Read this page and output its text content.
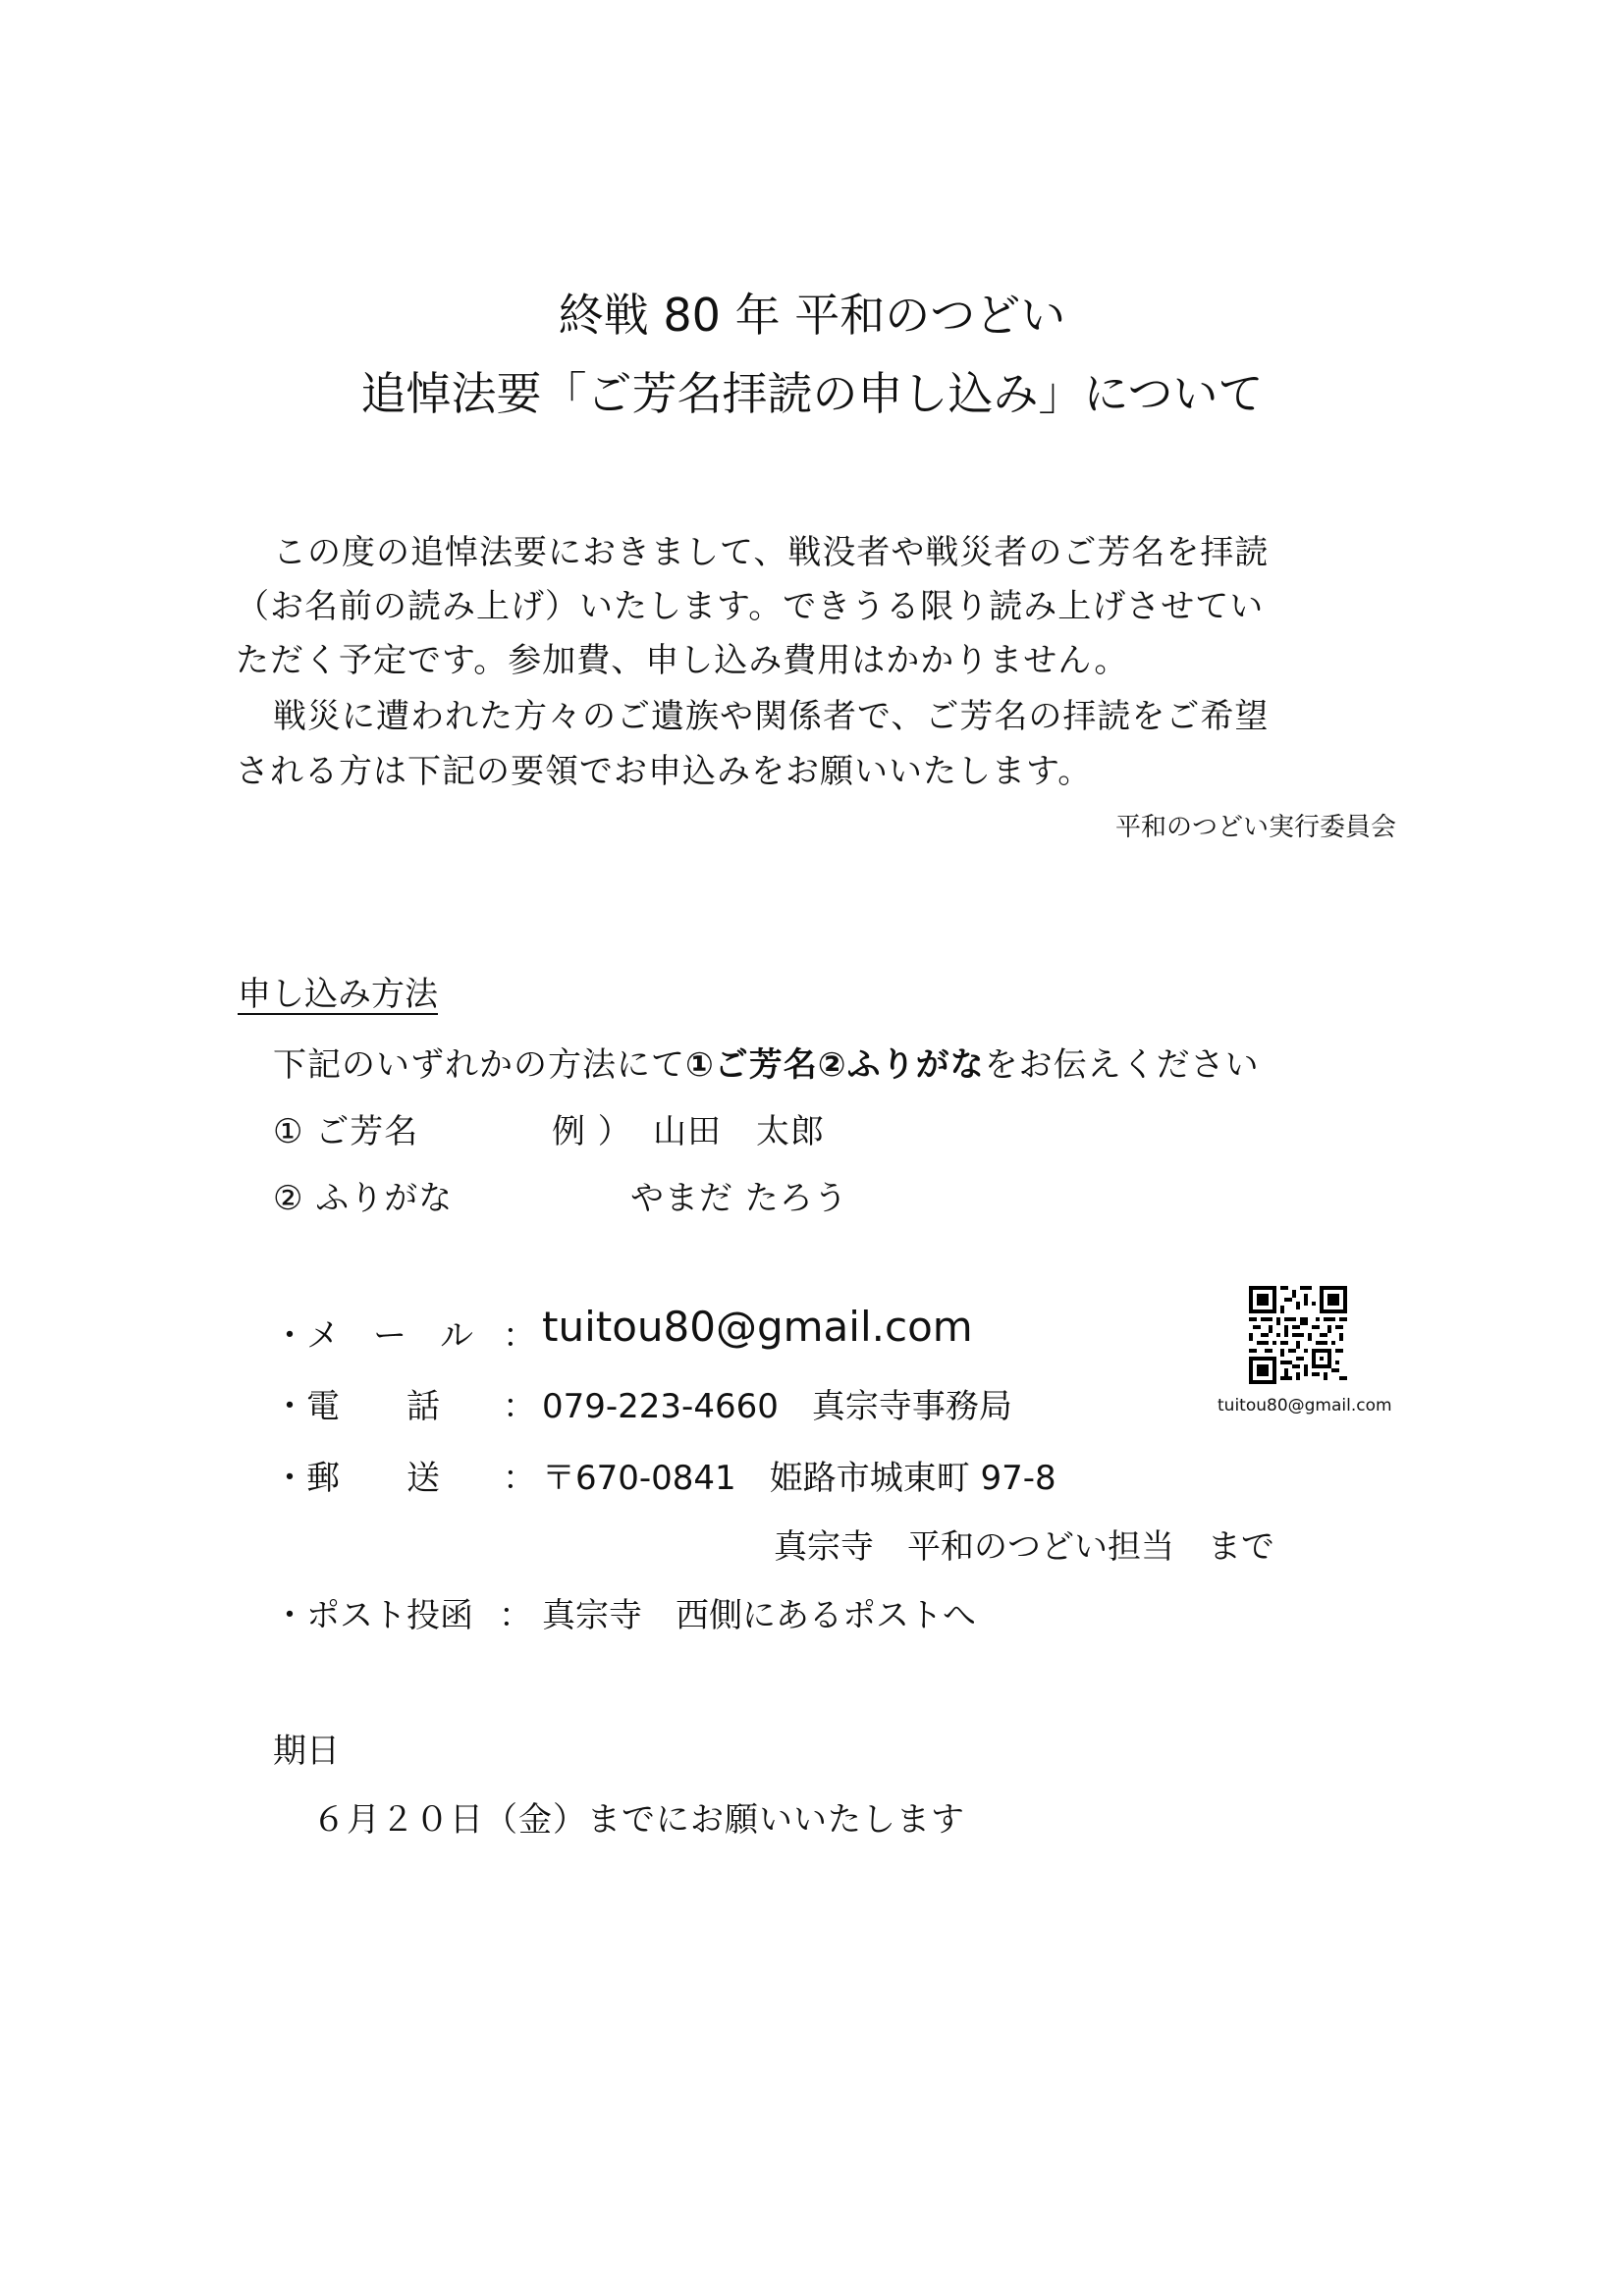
終戦 80 年 平和のつどい
追悼法要「ご芳名拝読の申し込み」について
この度の追悼法要におきまして、戦没者や戦災者のご芳名を拝読
（お名前の読み上げ）いたします。できうる限り読み上げさせてい
ただく予定です。参加費、申し込み費用はかかりません。
戦災に遭われた方々のご遺族や関係者で、ご芳名の拝読をご希望
される方は下記の要領でお申込みをお願いいたします。
平和のつどい実行委員会
申し込み方法
下記のいずれかの方法にて①ご芳名②ふりがなをお伝えください
① ご芳名	例 ） 山田　太郎
② ふりがな	やまだ たろう
・メ　ー　ル ： tuitou80@gmail.com
・電　　話 ： 079-223-4660　真宗寺事務局
・郵　　送 ： 〒670-0841　姫路市城東町 97-8
真宗寺　平和のつどい担当　まで
・ポスト投函 ： 真宗寺　西側にあるポストへ
tuitou80@gmail.com
期日
６月２０日（金）までにお願いいたします
